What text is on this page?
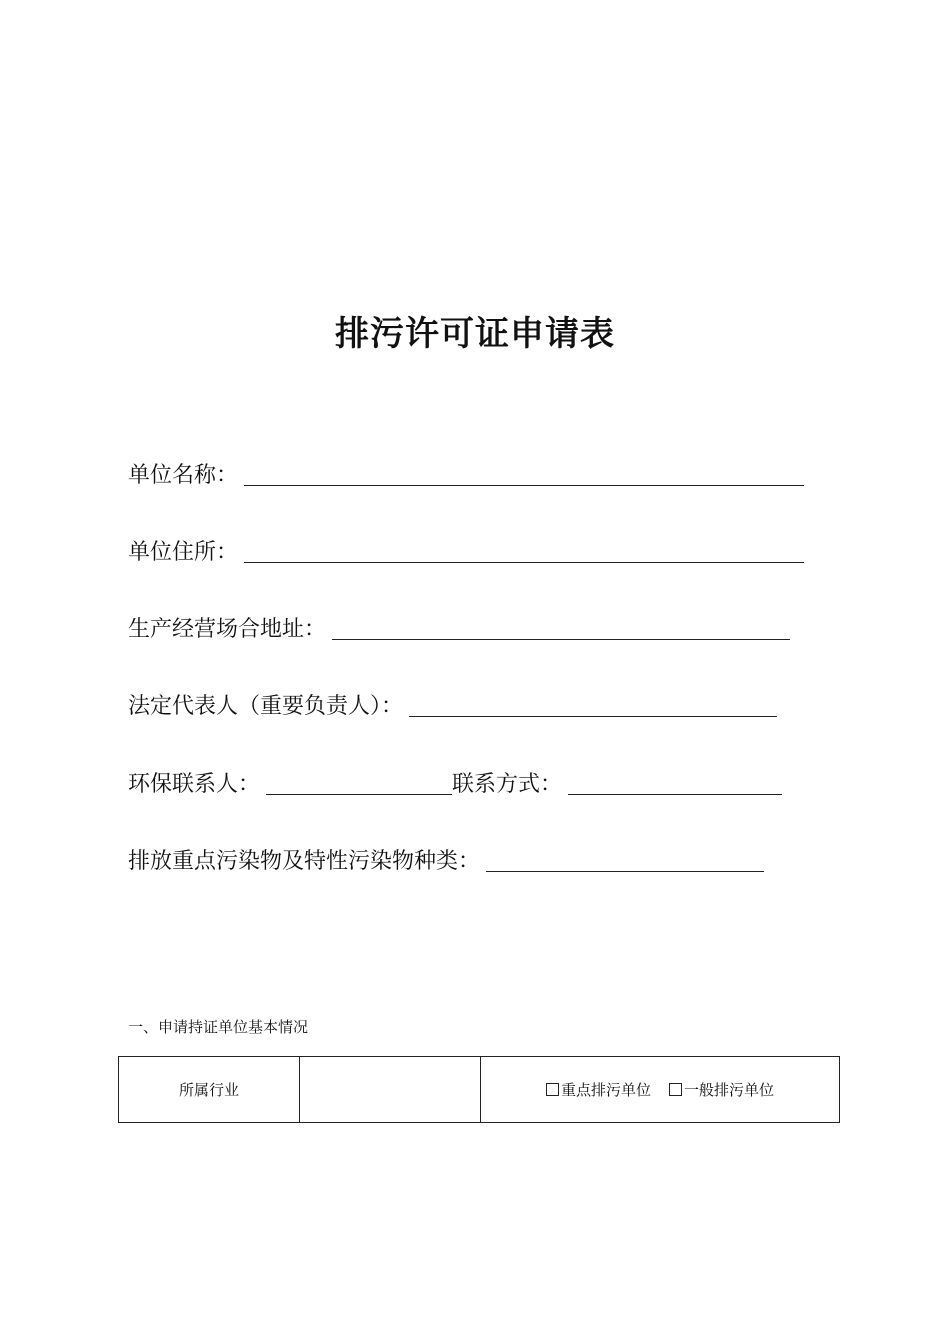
排污许可证申请表
单位名称：
单位住所：
生产经营场合地址：
法定代表人（重要负责人）：
环保联系人：	联系方式：
排放重点污染物及特性污染物种类：
一、申请持证单位基本情况
所属行业		重点排污单位 一般排污单位
